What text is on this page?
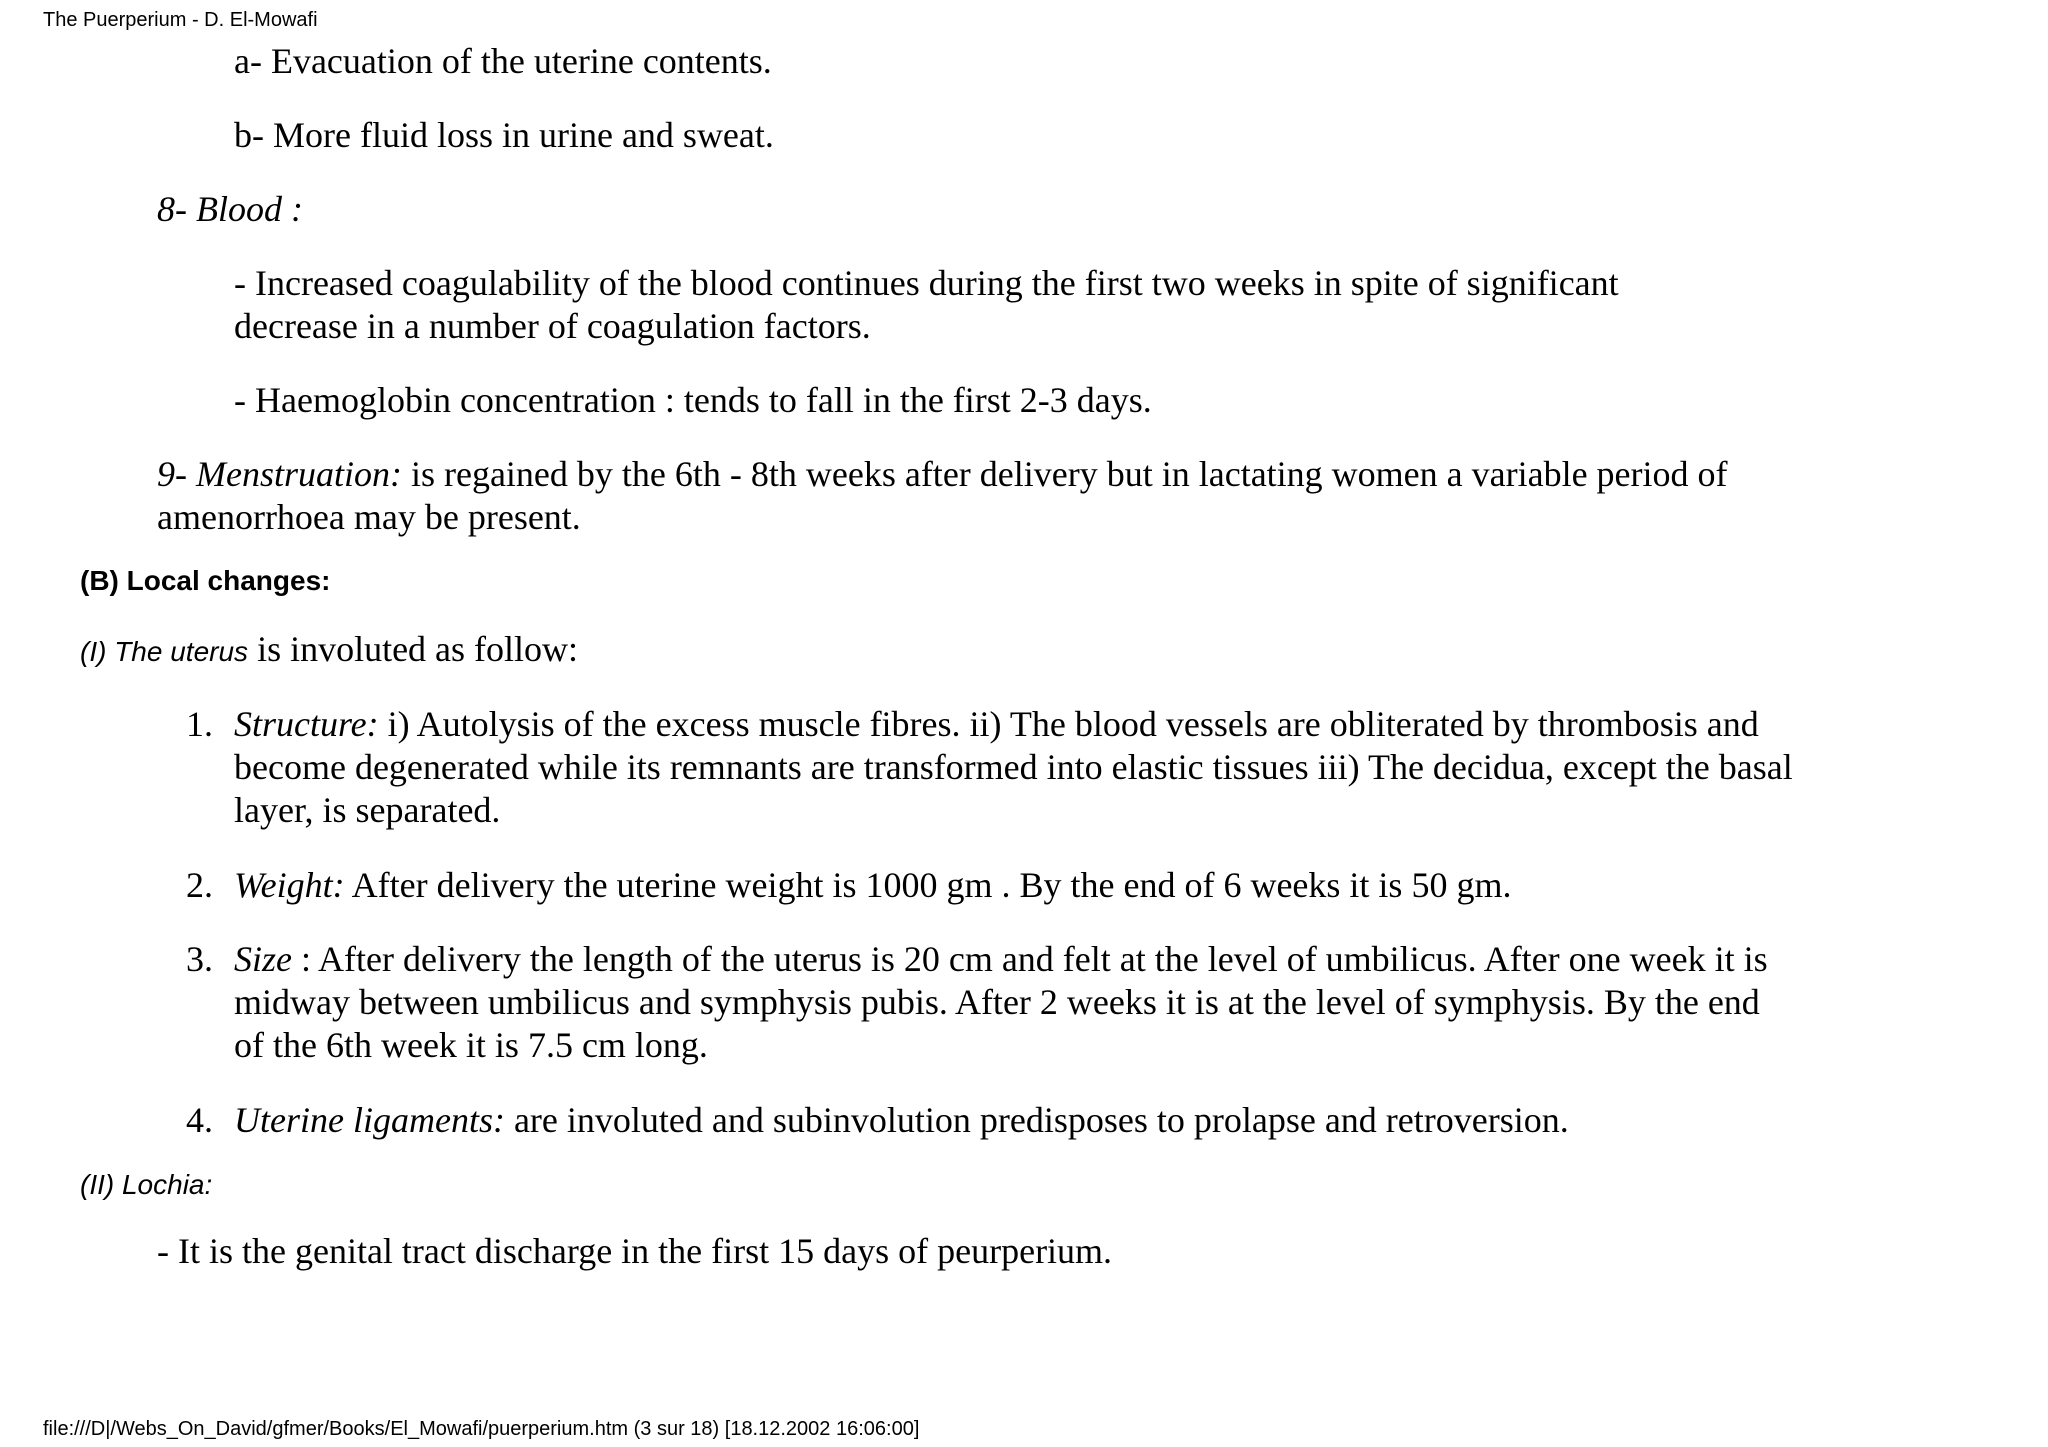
The Puerperium - D. El-Mowafi
a- Evacuation of the uterine contents.
b- More fluid loss in urine and sweat.
8- Blood :
- Increased coagulability of the blood continues during the first two weeks in spite of significant
decrease in a number of coagulation factors.
- Haemoglobin concentration : tends to fall in the first 2-3 days.
9- Menstruation: is regained by the 6th - 8th weeks after delivery but in lactating women a variable period of
amenorrhoea may be present.
(B) Local changes:
(I) The uterus is involuted as follow:
1. Structure: i) Autolysis of the excess muscle fibres. ii) The blood vessels are obliterated by thrombosis and
become degenerated while its remnants are transformed into elastic tissues iii) The decidua, except the basal
layer, is separated.
2. Weight: After delivery the uterine weight is 1000 gm . By the end of 6 weeks it is 50 gm.
3. Size : After delivery the length of the uterus is 20 cm and felt at the level of umbilicus. After one week it is
midway between umbilicus and symphysis pubis. After 2 weeks it is at the level of symphysis. By the end
of the 6th week it is 7.5 cm long.
4. Uterine ligaments: are involuted and subinvolution predisposes to prolapse and retroversion.
(II) Lochia:
- It is the genital tract discharge in the first 15 days of peurperium.
file:///D|/Webs_On_David/gfmer/Books/El_Mowafi/puerperium.htm (3 sur 18) [18.12.2002 16:06:00]
